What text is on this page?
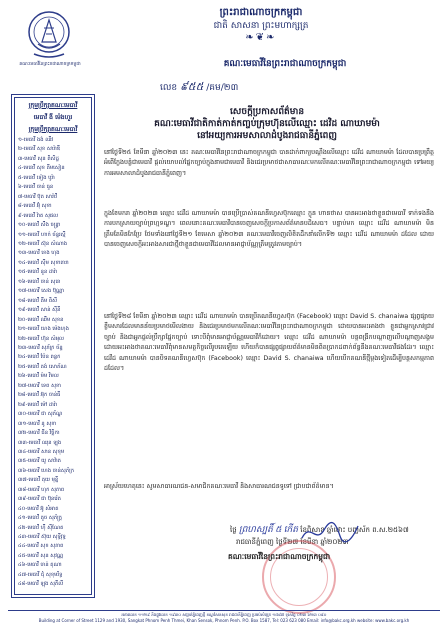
គណៈមេធាវីនៃព្រះរាជាណាចក្រកម្ពុជា
ព្រះរាជាណាចក្រកម្ពុជា
ជាតិ សាសនា ព្រះមហាក្សត្រ
❧❦❧
គណៈមេធាវីនៃព្រះរាជាណាចក្រកម្ពុជា
លេខ ៩៥៥ /គម/២៣
ក្រុមប្រឹក្សាគណៈមេធាវី
មេធាវី ងី ម៉េងហួរ
ក្រុមប្រឹក្សាគណៈមេធាវី
១-មេធាវី ងង់ ឈីវ
២-មេធាវី សុខ សារ៉ាឌី
៣-មេធាវី សុន ពិសិដ្ឋ
៤-មេធាវី សុខ គីមសៀន
៥-មេធាវី ទៀង បូរ៉ា
៦-មេធាវី ចាន់ ធួន
៧-មេធាវី ប៊ុត សារ៉ាវី
៨-មេធាវី អ៊ុំ សុខា
៩-មេធាវី វ៉ាត សុផល
១០-មេធាវី សឹង ចន្ទ្រា
១១-មេធាវី ហាក់ ច័ន្ទរស្មី
១២-មេធាវី ស៊ុន សំណាង
១៣-មេធាវី ខេង ហុង
១៤-មេធាវី ស៊ីម សុខាតារា
១៥-មេធាវី នួន ដារ៉ា
១៦-មេធាវី ចាន់ សុធា
១៧-មេធាវី សេង ប៊ុណ្ណា
១៨-មេធាវី គីម ពិសី
១៩-មេធាវី សាន់ ស៊ីនី
២០-មេធាវី ឈឹម សុខន
២១-មេធាវី ហេង ម៉េងហុង
២២-មេធាវី ហ៊ុន សំអុល
២៣-មេធាវី សុភ័ក្រ ច័ន្ទ
២៤-មេធាវី ប៉ែន ពន្លក
២៥-មេធាវី គង់ សោភ័ណ
២៦-មេធាវី ម៉ម វិមល
២៧-មេធាវី ទេព សុខា
២៨-មេធាវី អ៊ុក ចាន់ធី
២៩-មេធាវី ម៉ៅ ដារ៉ា
៣០-មេធាវី ជា សុភ័ណ្ឌ
៣១-មេធាវី នូ សុខា
៣២-មេធាវី ជីន វិច្ឆិកា
៣៣-មេធាវី ឈុន ឡុង
៣៤-មេធាវី សាន សុខុម
៣៥-មេធាវី យូ សាវ៉ាត
៣៦-មេធាវី ហេង ចាន់សុភ័ក្រ
៣៧-មេធាវី គុយ មុន្នី
៣៨-មេធាវី ហុក សុភាព
៣៩-មេធាវី ជា ប៊ុនរ៉េត
៤០-មេធាវី អ៊ូ សំអាត
៤១-មេធាវី គួច សុភ័ក្ត្រ
៤២-មេធាវី ហ៊ឺ ស៊ីណែត
៤៣-មេធាវី ស៊ុយ សុទ្ធីវុទ្ធ
៤៤-មេធាវី សុខ សុភាព
៤៥-មេធាវី សុន សុវណ្ណ
៤៦-មេធាវី ចាន់ គុណា
៤៧-មេធាវី ជុំ សុខុមរិទ្ធ
៤៨-មេធាវី ឡុង សុភីលី
សេចក្តីប្រកាសព័ត៌មាន
គណៈមេធាវីជាតិកាត់កាត់កញ្ចប់ក្រុមហ៊ុនលើឈ្មោះ ដេវិដ ណាឃាមម៉ា
នៅអយ្យការអមសាលាដំបូងរាជធានីភ្នំពេញ
នៅថ្ងៃទី២៥ ខែមីនា ឆ្នាំ២០២៣ នេះ គណៈមេធាវីនៃព្រះរាជាណាចក្រកម្ពុជា បានដាក់ពាក្យបណ្តឹងលើឈ្មោះ ដេវីដ ណាឃាមម៉ា ដែលបានប្រព្រឹត្តអំពើក្លែងបន្លំជាមេធាវី ផ្តល់យោបល់ផ្នែកច្បាប់ក្នុងនាមជាមេធាវី និងជេរប្រមាថជាសាធារណៈមកលើគណៈមេធាវីនៃព្រះរាជាណាចក្រកម្ពុជា ទៅអយ្យការអមសាលាដំបូងរាជធានីភ្នំពេញ។
ក្នុងខែមករា ឆ្នាំ២០២៣ ឈ្មោះ ដេវីដ ណាឃាមម៉ា បានប្រើប្រាស់គណនីហ្វេសប៊ុកឈ្មោះ ក្លូន ហានថាស បានអះអាងថាខ្លួនជាមេធាវី ទាក់ទងនឹងការបកស្រាយច្បាប់ព្រហ្មទណ្ឌ។ ពេលនោះគណៈមេធាវីបានចេញសេចក្តីប្រកាសព័ត៌មានបដិសេធ។ បន្ទាប់មក ឈ្មោះ ដេវីដ ណាឃាមម៉ា មិនត្រឹមតែមិនកែប្រែ ថែមទាំងនៅថ្ងៃទី២១ ខែមេសា ឆ្នាំ២០២៣ គណៈមេធាវីចេញលិខិតដឹកនាំលើកទី២ ឈ្មោះ ដេវីដ ណាឃាមម៉ា ដដែល ដោយបានចេញសេចក្តីអះអាងសារជាថ្មីថាខ្លួនជាមេធាវីដែលមានអាជ្ញាប័ណ្ណត្រឹមត្រូវតាមច្បាប់។
នៅថ្ងៃទី២៨ ខែមីនា ឆ្នាំ២០២៣ ឈ្មោះ ដេវីដ ណាឃាមម៉ា បានប្រើគណនីហ្វេសប៊ុក (Facebook) ឈ្មោះ David S. chanaiwa ផ្សព្វផ្សាយខ្លឹមសារដែលមានន័យប្រមាថមើលងាយ និងជេរប្រមាថមកលើគណៈមេធាវីនៃព្រះរាជាណាចក្រកម្ពុជា ដោយបានអះអាងថា ខ្លួនជាអ្នកស្រាវជ្រាវច្បាប់ និងជាអ្នកផ្តល់ប្រឹក្សាផ្នែកច្បាប់ ទោះបីពុំមានអាជ្ញាប័ណ្ណមេធាវីក៏ដោយ។ ឈ្មោះ ដេវីដ ណាឃាមម៉ា បន្តពង្រីកបណ្តាញលើបណ្តាញសង្គម ដោយអះអាងថាគណៈមេធាវីពុំមានសមត្ថកិច្ចលើរូបគេឡើយ ហើយក៏បានផ្សព្វផ្សាយព័ត៌មានមិនពិតប្រាកដពាក់ព័ន្ធនឹងគណៈមេធាវីផងដែរ។ ឈ្មោះ ដេវីដ ណាឃាមម៉ា បានបិទគណនីហ្វេសប៊ុក (Facebook) ឈ្មោះ David S. chanaiwa ហើយបើកគណនីថ្មីម្តងទៀតដើម្បីបន្តសកម្មភាពដដែល។
អាស្រ័យហេតុនេះ សូមសាធារណជន-សមាជិកគណៈមេធាវី និងសាធារណជនទូទៅ ជ្រាបជាព័ត៌មាន។
ថ្ងៃ ព្រហស្បតិ៍ ៥ កើត ខែពិសាខ ឆ្នាំថោះ បញ្ចស័ក ព.ស.២៥៦៧
រាជធានីភ្នំពេញ ថ្ងៃទី២៧ ខែមីនា ឆ្នាំ២០២៣
គណៈមេធាវីនៃព្រះរាជាណាចក្រកម្ពុជា
អគារលេខ ១១២៩ និងផ្លូវលេខ ១៩៣០ សង្កាត់ភ្នំពេញថ្មី ខណ្ឌសែនសុខ រាជធានីភ្នំពេញ ប្រអប់សំបុត្រ ១៥៨៧ ទូរស័ព្ទ ០២៣ ៦២៣ ០៨០
Building at Corner of Street 1129 and 1930, Sangkat Phnom Penh Thmei, Khan Sensok, Phnom Penh. P.O. Box 1587, Tel: 023 623 080 Email: info@bakc.org.kh website: www.bakc.org.kh
